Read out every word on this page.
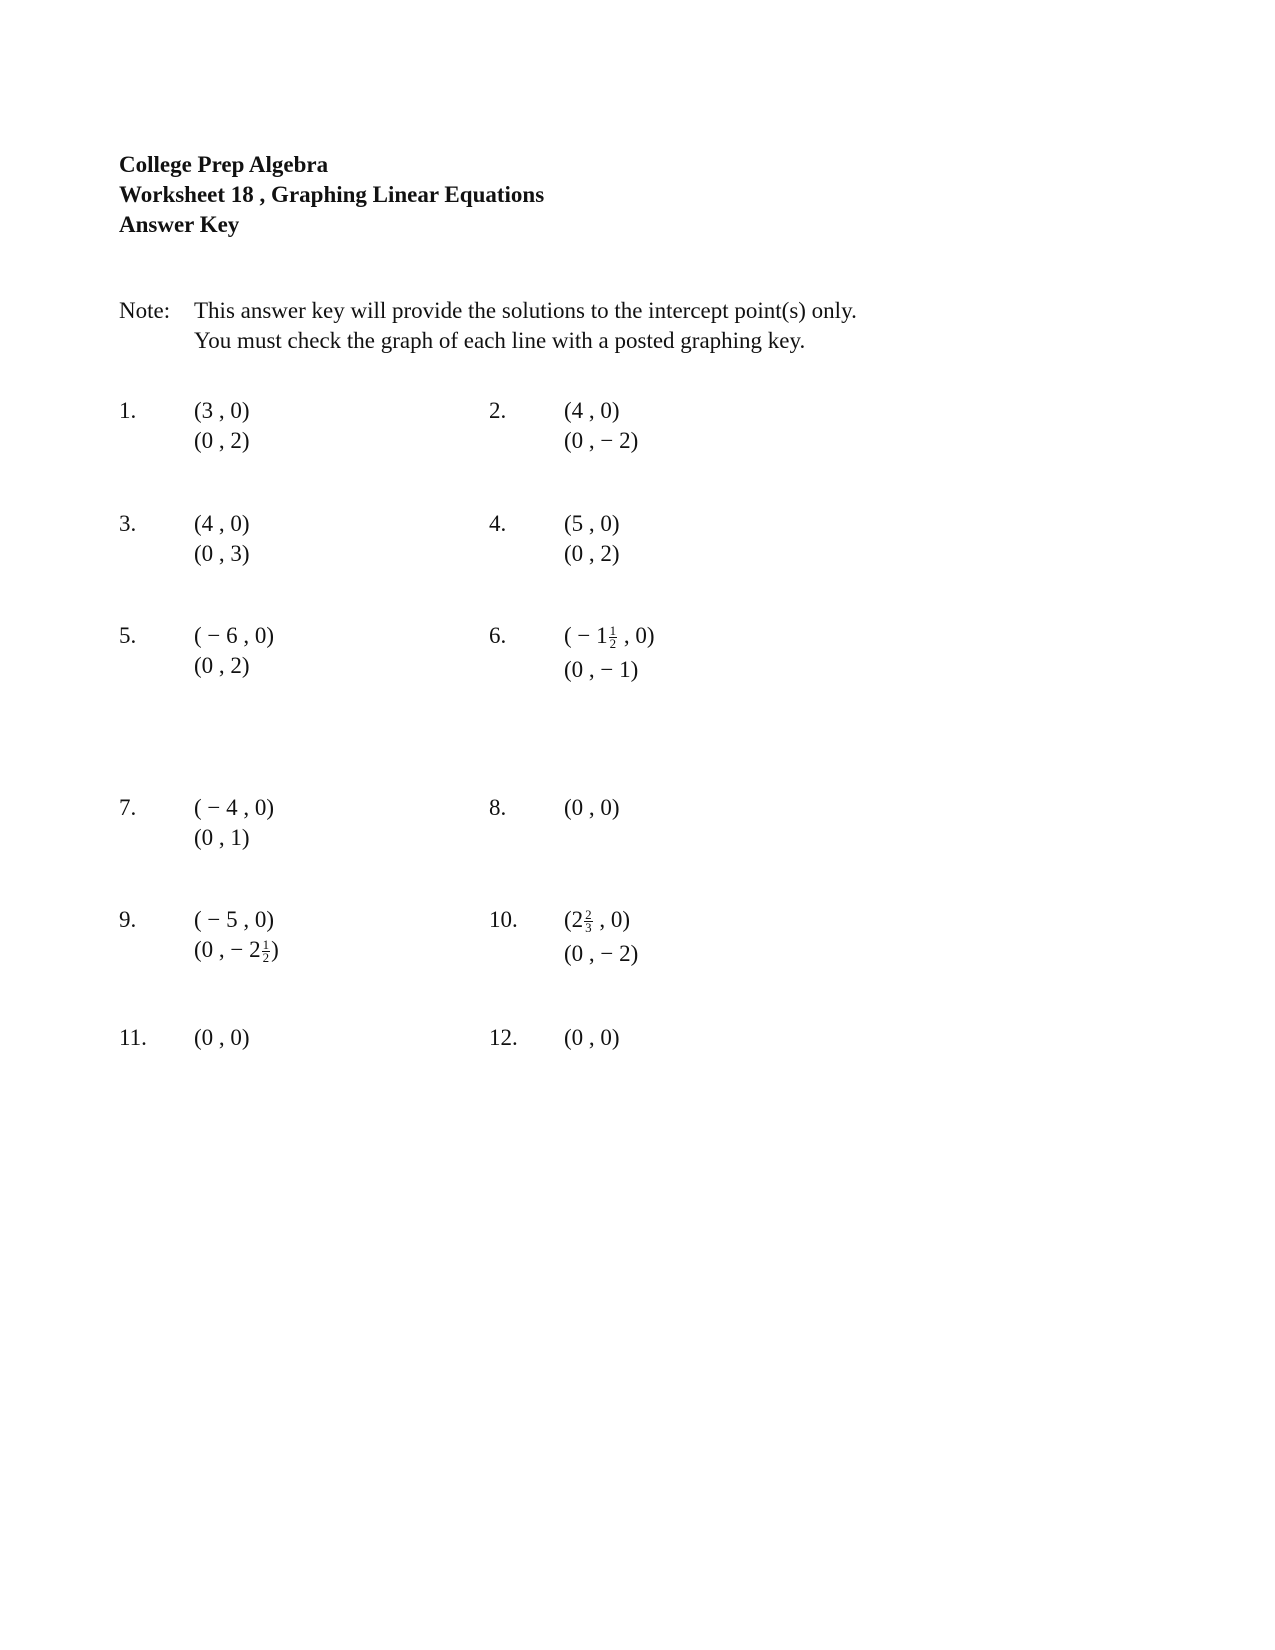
College Prep Algebra
Worksheet 18 , Graphing Linear Equations
Answer Key
Note: This answer key will provide the solutions to the intercept point(s) only.
You must check the graph of each line with a posted graphing key.
1.	(3 , 0)
(0 , 2)
2.	(4 , 0)
(0 , − 2)
3.	(4 , 0)
(0 , 3)
4.	(5 , 0)
(0 , 2)
5.	( − 6 , 0)
(0 , 2)
6.	( − $1 \frac{1}{2}$ , 0)
(0 , − 1)
7.	( − 4 , 0)
(0 , 1)
8.	(0 , 0)
9.	( − 5 , 0)
(0 , − $2 \frac{1}{2}$ )
10. ($2 \frac{2}{3}$ , 0)
(0 , − 2)
11. (0 , 0)	12. (0 , 0)
